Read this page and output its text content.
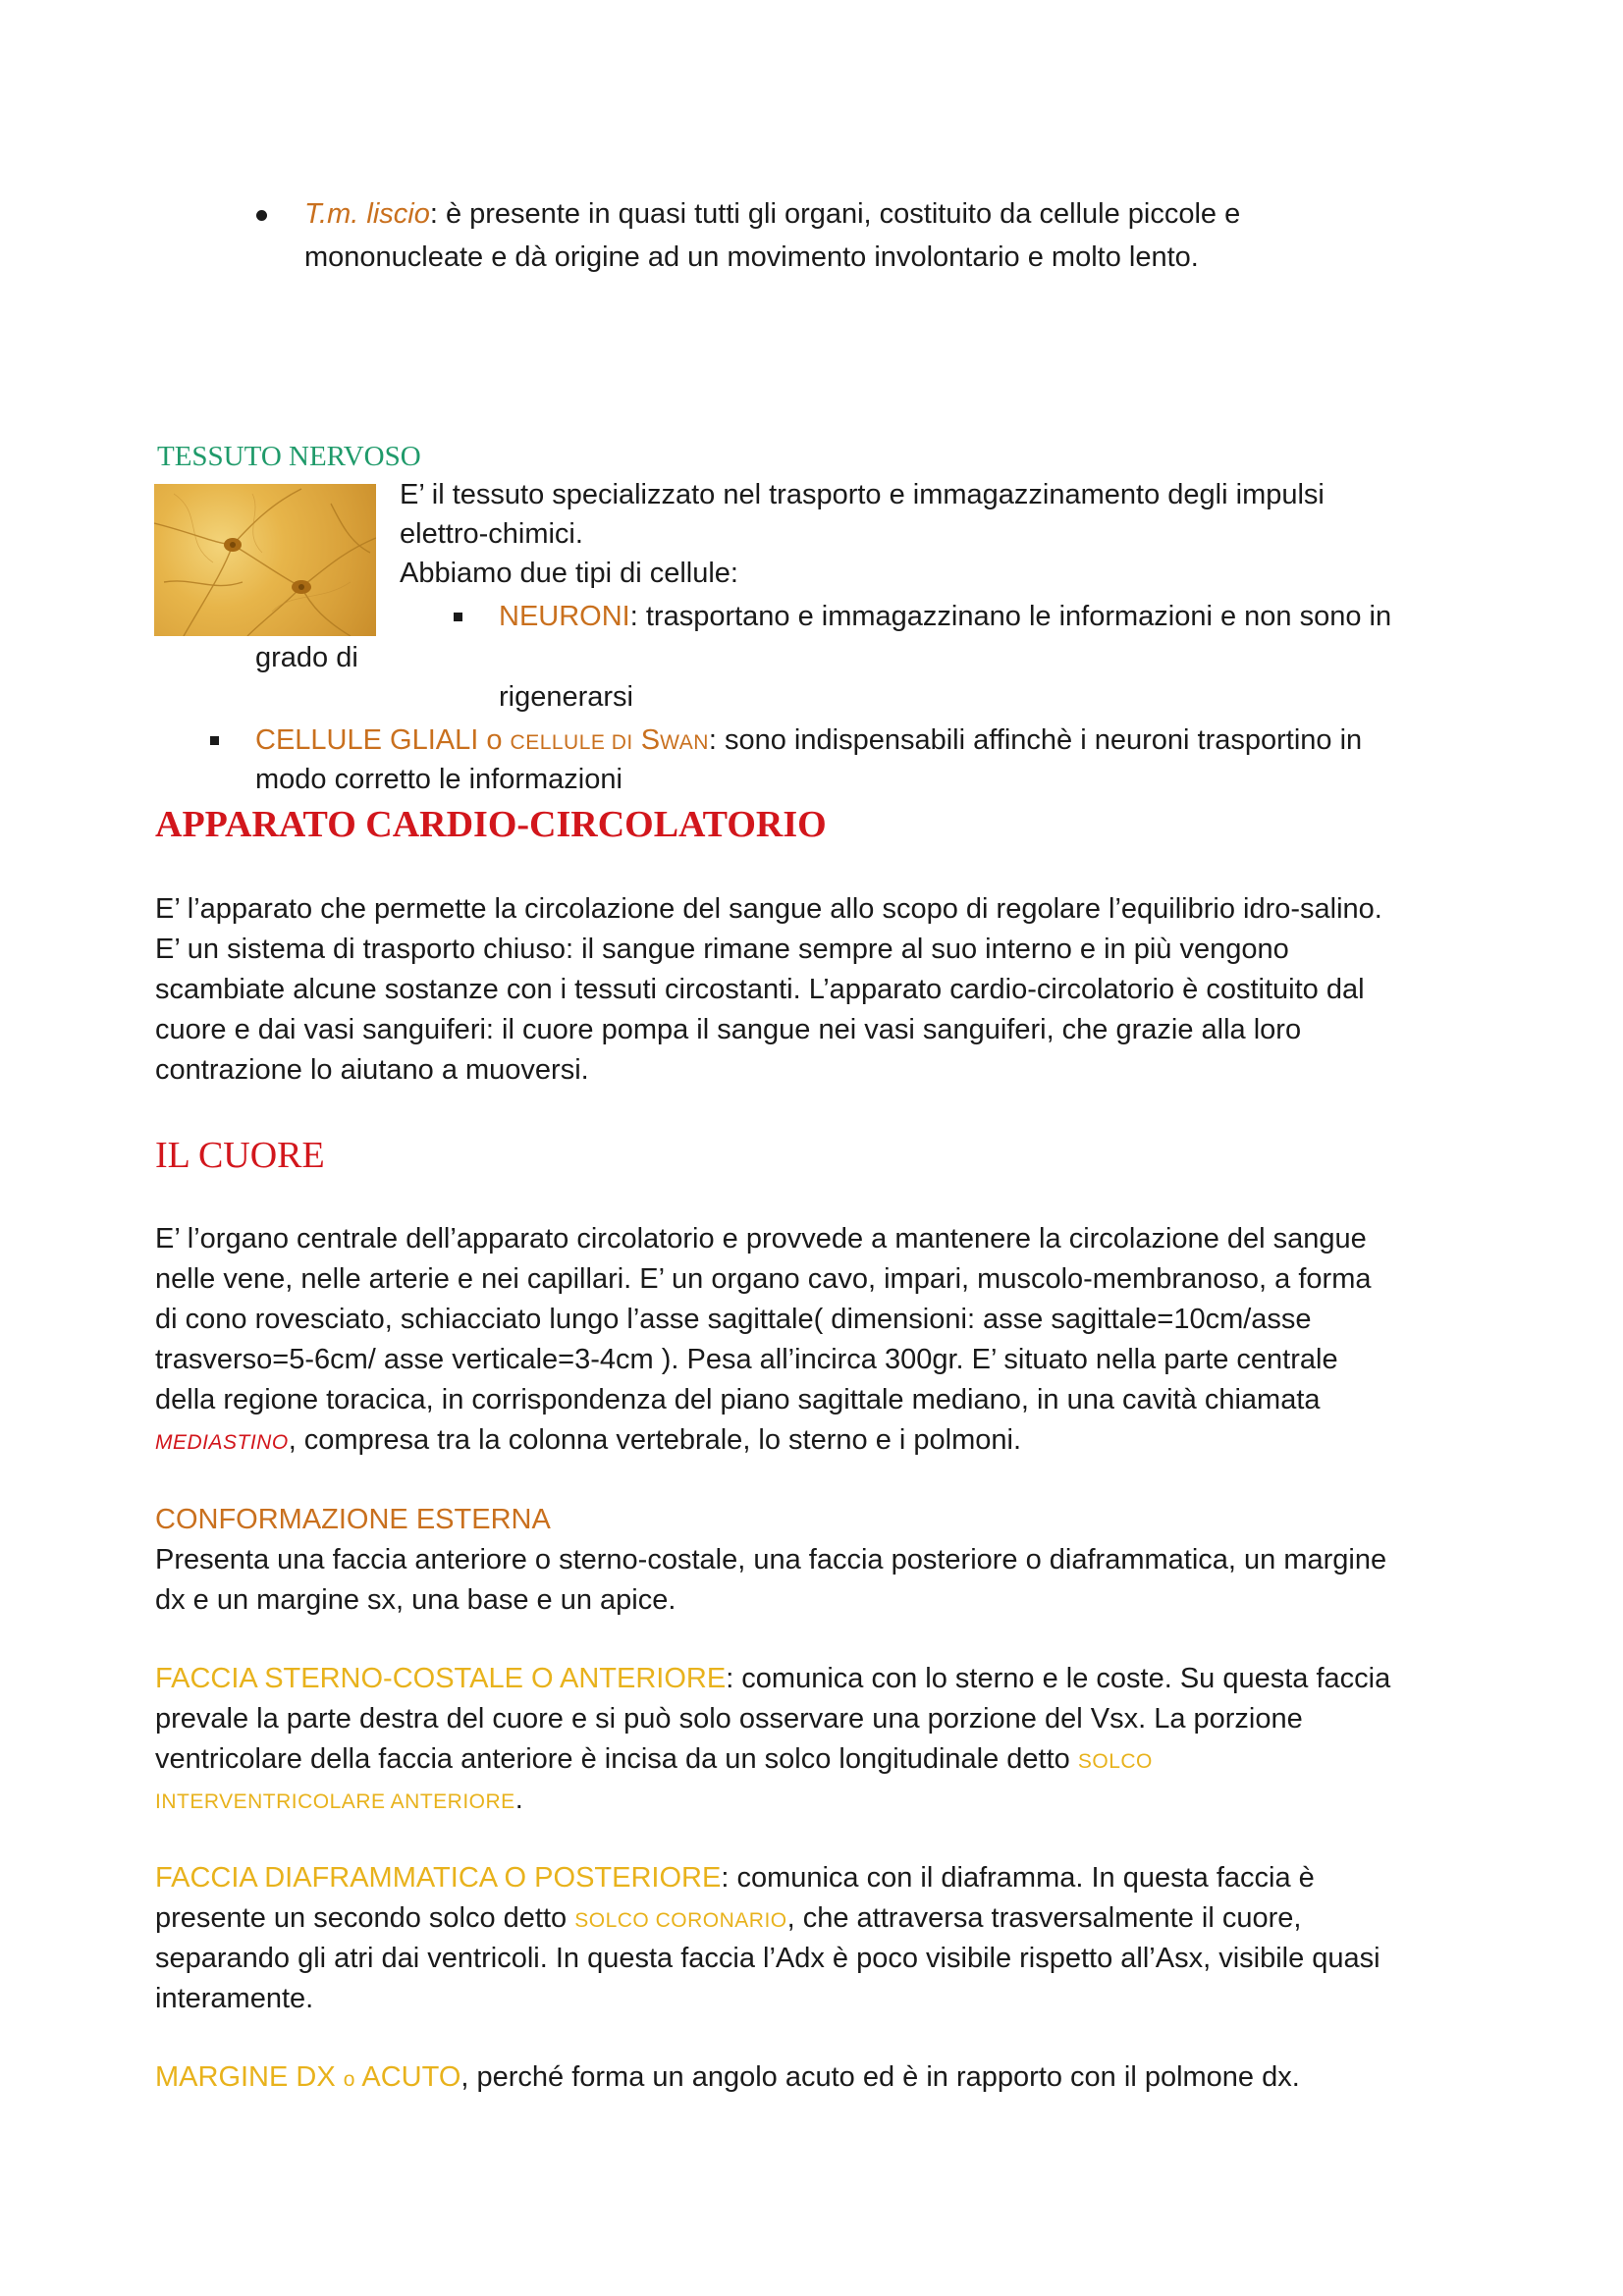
T.m. liscio: è presente in quasi tutti gli organi, costituito da cellule piccole e
mononucleate e dà origine ad un movimento involontario e molto lento.
TESSUTO NERVOSO
E’ il tessuto specializzato nel trasporto e immagazzinamento degli impulsi
elettro-chimici.
Abbiamo due tipi di cellule:
NEURONI: trasportano e immagazzinano le informazioni e non sono in
grado di
rigenerarsi
CELLULE GLIALI o CELLULE DI SWAN: sono indispensabili affinchè i neuroni trasportino in
modo corretto le informazioni
APPARATO CARDIO-CIRCOLATORIO
E’ l’apparato che permette la circolazione del sangue allo scopo di regolare l’equilibrio idro-salino.
E’ un sistema di trasporto chiuso: il sangue rimane sempre al suo interno e in più vengono
scambiate alcune sostanze con i tessuti circostanti. L’apparato cardio-circolatorio è costituito dal
cuore e dai vasi sanguiferi: il cuore pompa il sangue nei vasi sanguiferi, che grazie alla loro
contrazione lo aiutano a muoversi.
IL CUORE
E’ l’organo centrale dell’apparato circolatorio e provvede a mantenere la circolazione del sangue
nelle vene, nelle arterie e nei capillari. E’ un organo cavo, impari, muscolo-membranoso, a forma
di cono rovesciato, schiacciato lungo l’asse sagittale( dimensioni: asse sagittale=10cm/asse
trasverso=5-6cm/ asse verticale=3-4cm ). Pesa all’incirca 300gr. E’ situato nella parte centrale
della regione toracica, in corrispondenza del piano sagittale mediano, in una cavità chiamata
MEDIASTINO, compresa tra la colonna vertebrale, lo sterno e i polmoni.
CONFORMAZIONE ESTERNA
Presenta una faccia anteriore o sterno-costale, una faccia posteriore o diaframmatica, un margine
dx e un margine sx, una base e un apice.
FACCIA STERNO-COSTALE O ANTERIORE: comunica con lo sterno e le coste. Su questa faccia
prevale la parte destra del cuore e si può solo osservare una porzione del Vsx. La porzione
ventricolare della faccia anteriore è incisa da un solco longitudinale detto SOLCO
INTERVENTRICOLARE ANTERIORE.
FACCIA DIAFRAMMATICA O POSTERIORE: comunica con il diaframma. In questa faccia è
presente un secondo solco detto SOLCO CORONARIO, che attraversa trasversalmente il cuore,
separando gli atri dai ventricoli. In questa faccia l’Adx è poco visibile rispetto all’Asx, visibile quasi
interamente.
MARGINE DX o ACUTO, perché forma un angolo acuto ed è in rapporto con il polmone dx.
